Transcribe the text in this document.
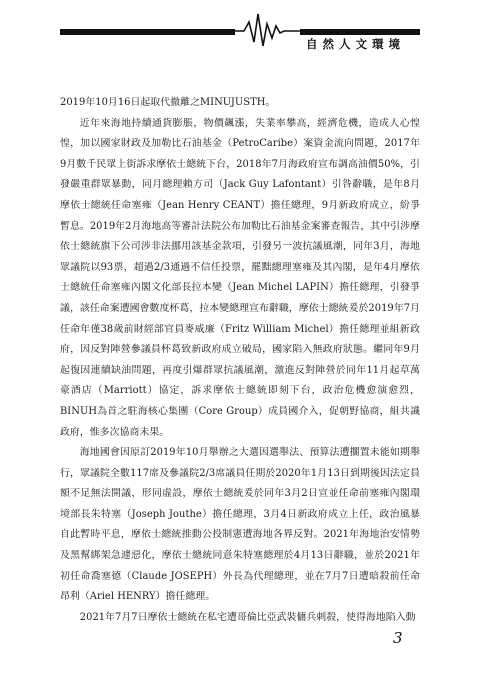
自然人文環境

2019年10月16日起取代撤離之MINUJUSTH。

近年來海地持續通貨膨脹，物價飆漲，失業率攀高，經濟危機，造成人心惶惶，加以國家財政及加勒比石油基金（PetroCaribe）案資金流向問題，2017年9月數千民眾上街訴求摩依士總統下台，2018年7月海政府宣布調高油價50%，引發嚴重群眾暴動，同月總理賴方司（Jack Guy Lafontant）引咎辭職，是年8月摩依士總統任命塞雍（Jean Henry CEANT）擔任總理，9月新政府成立，紛爭暫息。2019年2月海地高等審計法院公布加勒比石油基金案審查報告，其中引涉摩依士總統旗下公司涉非法挪用該基金款項，引發另一波抗議風潮，同年3月，海地眾議院以93票，超過2/3通過不信任投票，罷黜總理塞雍及其內閣，是年4月摩依士總統任命塞雍內閣文化部長拉本變（Jean Michel LAPIN）擔任總理，引發爭議，該任命案遭國會數度杯葛，拉本變總理宣布辭職，摩依士總統爰於2019年7月任命年僅38歲前財經部官員麥威廉（Fritz William Michel）擔任總理並組新政府，因反對陣營參議員杯葛致新政府成立破局，國家陷入無政府狀態。繼同年9月起復因連續缺油問題，再度引爆群眾抗議風潮，激進反對陣營於同年11月起草萬豪酒店（Marriott）協定，訴求摩依士總統即刻下台，政治危機愈演愈烈，BINUH為首之駐海核心集團（Core Group）成員國介入，促朝野協商，組共識政府，惟多次協商未果。

海地國會因原訂2019年10月舉辦之大選因選舉法、預算法遭擱置未能如期舉行，眾議院全數117席及參議院2/3席議員任期於2020年1月13日到期後因法定員額不足無法開議，形同虛設，摩依士總統爰於同年3月2日宣並任命前塞雍內閣環境部長朱特塞（Joseph Jouthe）擔任總理，3月4日新政府成立上任，政治風暴自此暫時平息，摩依士總統推動公投制憲遭海地各界反對。2021年海地治安情勢及黑幫綁架急遽惡化，摩依士總統同意朱特塞總理於4月13日辭職，並於2021年初任命喬塞德（Claude JOSEPH）外長為代理總理，並在7月7日遭暗殺前任命昂利（Ariel HENRY）擔任總理。

2021年7月7日摩依士總統在私宅遭哥倫比亞武裝傭兵刺殺，使得海地陷入動

3
